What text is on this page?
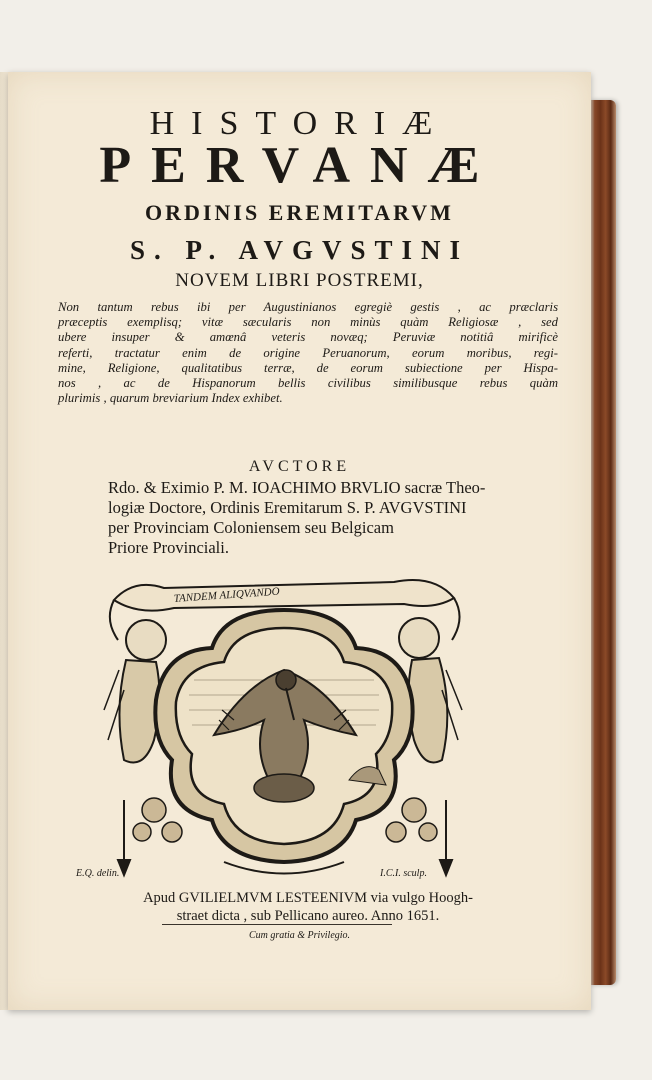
HISTORIÆ
PERVANÆ
ORDINIS EREMITARVM
S. P. AVGVSTINI
NOVEM LIBRI POSTREMI,
Non tantum rebus ibi per Augustinianos egregiè gestis , ac præclaris
præceptis exemplisq; vitæ sæcularis non minùs quàm Religiosæ , sed
ubere insuper & amœnâ veteris novæq; Peruviæ notitiâ mirificè
referti, tractatur enim de origine Peruanorum, eorum moribus, regi-
mine, Religione, qualitatibus terræ, de eorum subiectione per Hispa-
nos , ac de Hispanorum bellis civilibus similibusque rebus quàm
plurimis , quarum breviarium Index exhibet.
AVCTORE
Rdo. & Eximio P. M. IOACHIMO BRVLIO sacræ Theo-
logiæ Doctore, Ordinis Eremitarum S. P. AVGVSTINI
per Provinciam Coloniensem seu Belgicam
Priore Provinciali.
TANDEM ALIQVANDO
E.Q. delin.	I.C.I. sculp.
Apud GVILIELMVM LESTEENIVM via vulgo Hoogh-
straet dicta , sub Pellicano aureo. Anno 1651.
Cum gratia & Privilegio.
